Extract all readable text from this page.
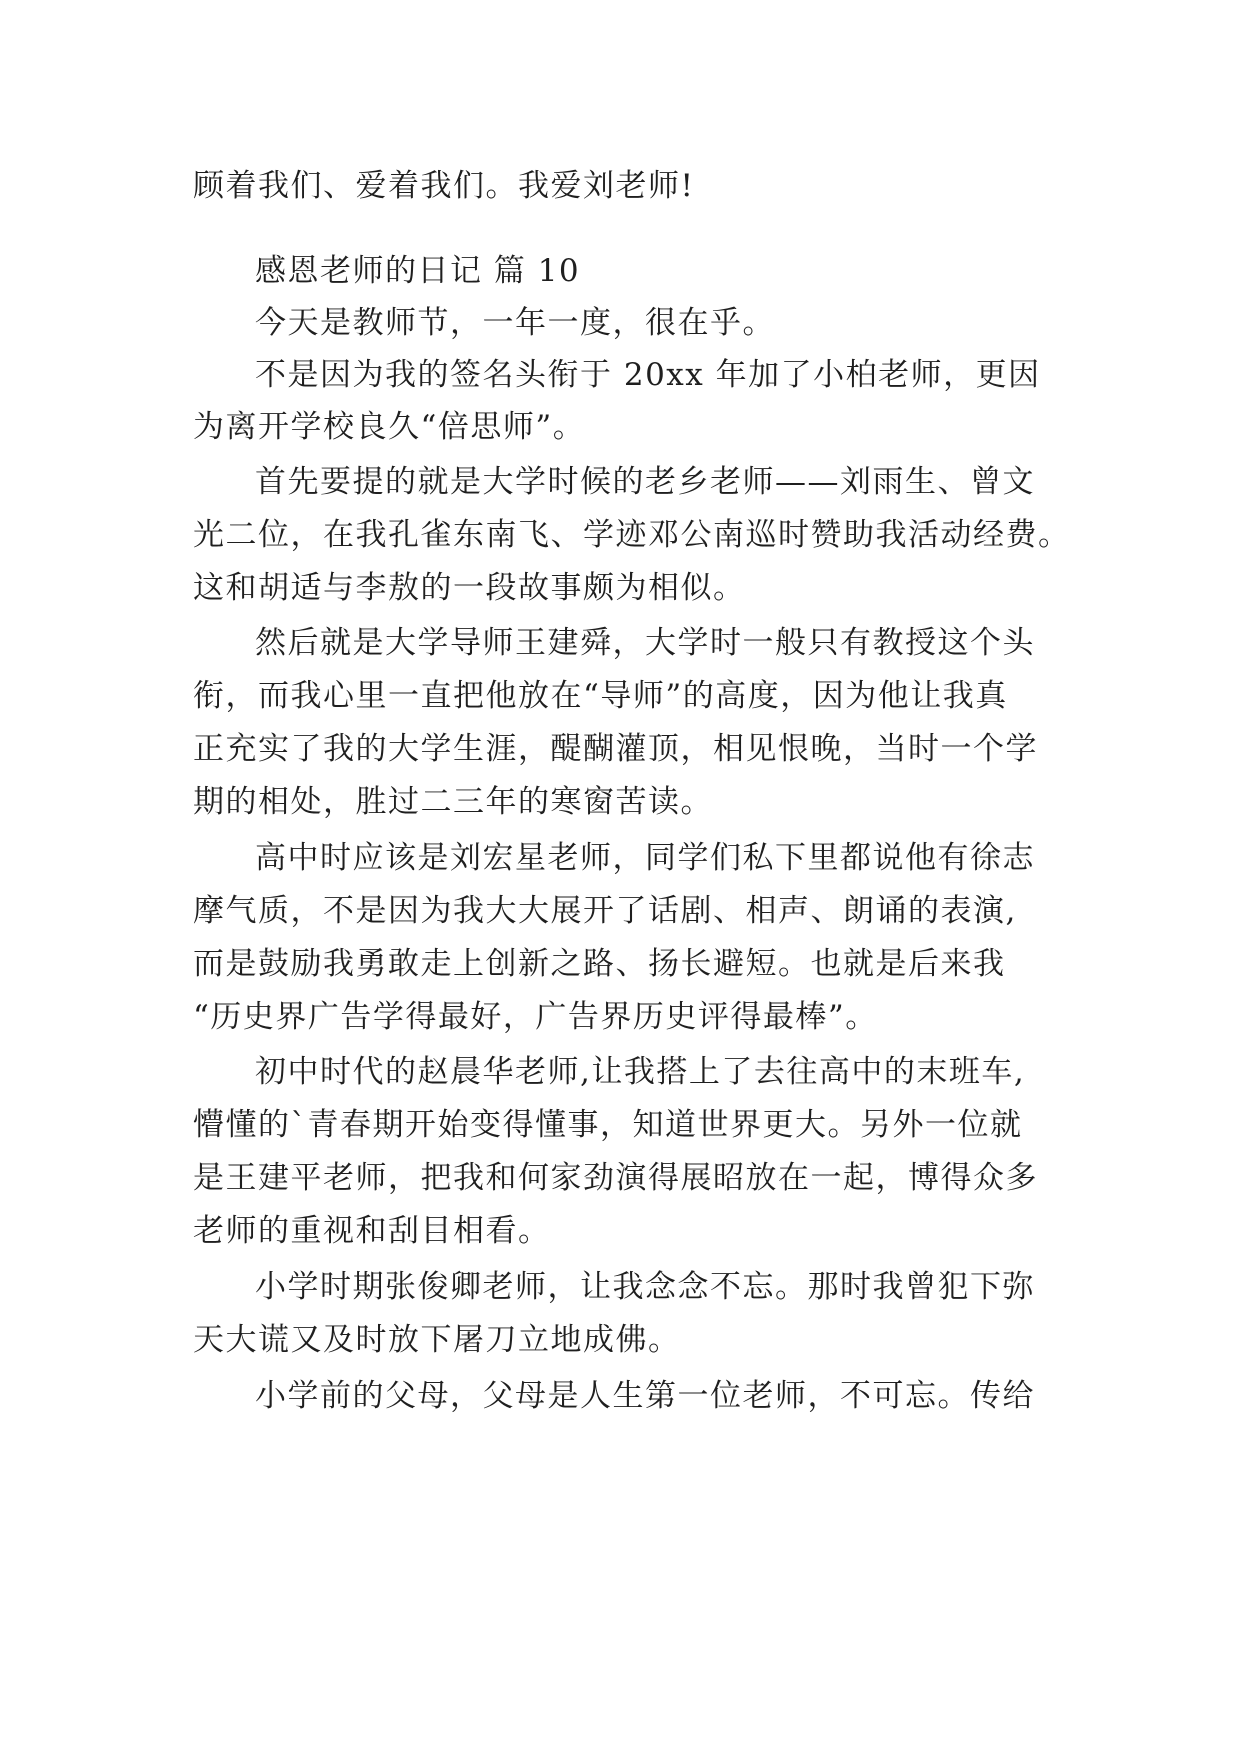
顾着我们、爱着我们。我爱刘老师!
感恩老师的日记 篇 10
今天是教师节，一年一度，很在乎。
不是因为我的签名头衔于 20xx 年加了小柏老师，更因
为离开学校良久“倍思师”。
首先要提的就是大学时候的老乡老师——刘雨生、曾文
光二位，在我孔雀东南飞、学迹邓公南巡时赞助我活动经费。
这和胡适与李敖的一段故事颇为相似。
然后就是大学导师王建舜，大学时一般只有教授这个头
衔，而我心里一直把他放在“导师”的高度，因为他让我真
正充实了我的大学生涯，醍醐灌顶，相见恨晚，当时一个学
期的相处，胜过二三年的寒窗苦读。
高中时应该是刘宏星老师，同学们私下里都说他有徐志
摩气质，不是因为我大大展开了话剧、相声、朗诵的表演,
而是鼓励我勇敢走上创新之路、扬长避短。也就是后来我
“历史界广告学得最好，广告界历史评得最棒”。
初中时代的赵晨华老师,让我搭上了去往高中的末班车,
懵懂的`青春期开始变得懂事，知道世界更大。另外一位就
是王建平老师，把我和何家劲演得展昭放在一起，博得众多
老师的重视和刮目相看。
小学时期张俊卿老师，让我念念不忘。那时我曾犯下弥
天大谎又及时放下屠刀立地成佛。
小学前的父母，父母是人生第一位老师，不可忘。传给
